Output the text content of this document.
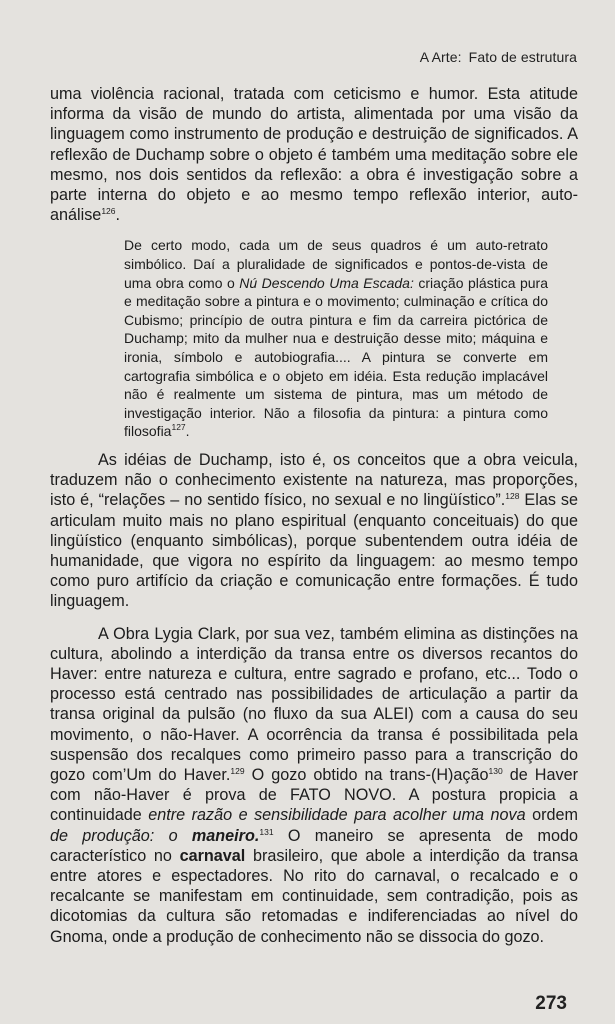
A Arte: Fato de estrutura

uma violência racional, tratada com ceticismo e humor. Esta atitude informa da visão de mundo do artista, alimentada por uma visão da linguagem como instrumento de produção e destruição de significados. A reflexão de Duchamp sobre o objeto é também uma meditação sobre ele mesmo, nos dois sentidos da reflexão: a obra é investigação sobre a parte interna do objeto e ao mesmo tempo reflexão interior, auto-análise$^{126}$.

De certo modo, cada um de seus quadros é um auto-retrato simbólico. Daí a pluralidade de significados e pontos-de-vista de uma obra como o Nú Descendo Uma Escada: criação plástica pura e meditação sobre a pintura e o movimento; culminação e crítica do Cubismo; princípio de outra pintura e fim da carreira pictórica de Duchamp; mito da mulher nua e destruição desse mito; máquina e ironia, símbolo e autobiografia.... A pintura se converte em cartografia simbólica e o objeto em idéia. Esta redução implacável não é realmente um sistema de pintura, mas um método de investigação interior. Não a filosofia da pintura: a pintura como filosofia$^{127}$.

As idéias de Duchamp, isto é, os conceitos que a obra veicula, traduzem não o conhecimento existente na natureza, mas proporções, isto é, “relações – no sentido físico, no sexual e no lingüístico”.$^{128}$ Elas se articulam muito mais no plano espiritual (enquanto conceituais) do que lingüístico (enquanto simbólicas), porque subentendem outra idéia de humanidade, que vigora no espírito da linguagem: ao mesmo tempo como puro artifício da criação e comunicação entre formações. É tudo linguagem.

A Obra Lygia Clark, por sua vez, também elimina as distinções na cultura, abolindo a interdição da transa entre os diversos recantos do Haver: entre natureza e cultura, entre sagrado e profano, etc... Todo o processo está centrado nas possibilidades de articulação a partir da transa original da pulsão (no fluxo da sua ALEI) com a causa do seu movimento, o não-Haver. A ocorrência da transa é possibilitada pela suspensão dos recalques como primeiro passo para a transcrição do gozo com’Um do Haver.$^{129}$ O gozo obtido na trans-(H)ação$^{130}$ de Haver com não-Haver é prova de FATO NOVO. A postura propicia a continuidade entre razão e sensibilidade para acolher uma nova ordem de produção: o maneiro.$^{131}$ O maneiro se apresenta de modo característico no carnaval brasileiro, que abole a interdição da transa entre atores e espectadores. No rito do carnaval, o recalcado e o recalcante se manifestam em continuidade, sem contradição, pois as dicotomias da cultura são retomadas e indiferenciadas ao nível do Gnoma, onde a produção de conhecimento não se dissocia do gozo.

273
